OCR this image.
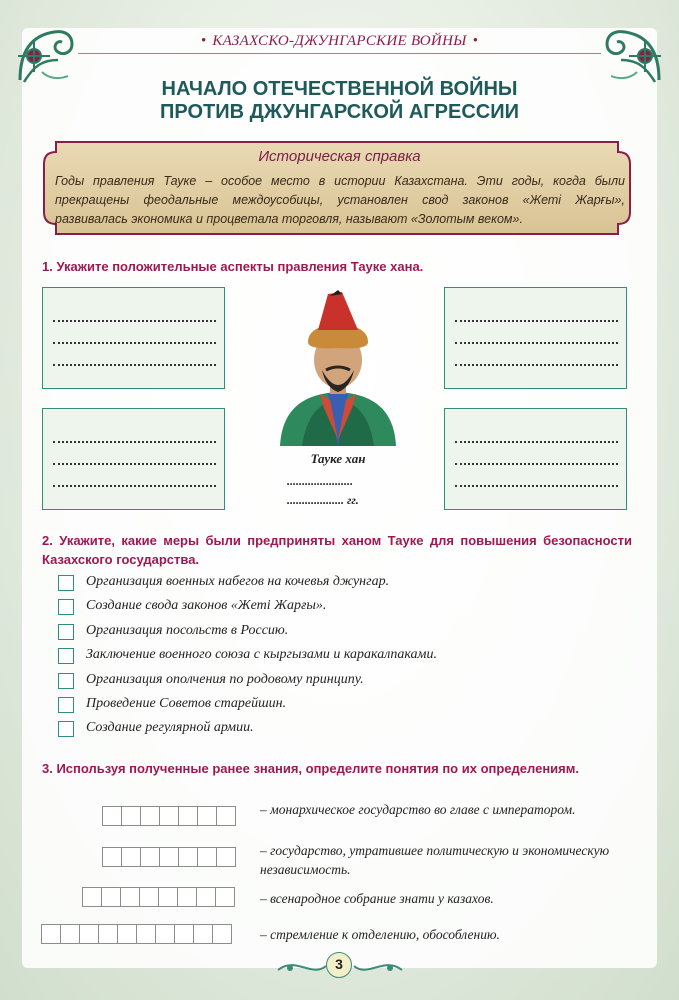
• КАЗАХСКО-ДЖУНГАРСКИЕ ВОЙНЫ •
НАЧАЛО ОТЕЧЕСТВЕННОЙ ВОЙНЫ
ПРОТИВ ДЖУНГАРСКОЙ АГРЕССИИ
Историческая справка
Годы правления Тауке – особое место в истории Казахстана. Эти годы, когда были прекращены феодальные междоусобицы, установлен свод законов «Жеті Жарғы», развивалась экономика и процветала торговля, называют «Золотым веком».
1. Укажите положительные аспекты правления Тауке хана.
Тауке хан
......................
................... гг.
2. Укажите, какие меры были предприняты ханом Тауке для повышения безопасности Казахского государства.
Организация военных набегов на кочевья джунгар.
Создание свода законов «Жеті Жарғы».
Организация посольств в Россию.
Заключение военного союза с кыргызами и каракалпаками.
Организация ополчения по родовому принципу.
Проведение Советов старейшин.
Создание регулярной армии.
3. Используя полученные ранее знания, определите понятия по их определениям.
– монархическое государство во главе с императором.
– государство, утратившее политическую и экономическую независимость.
– всенародное собрание знати у казахов.
– стремление к отделению, обособлению.
3
